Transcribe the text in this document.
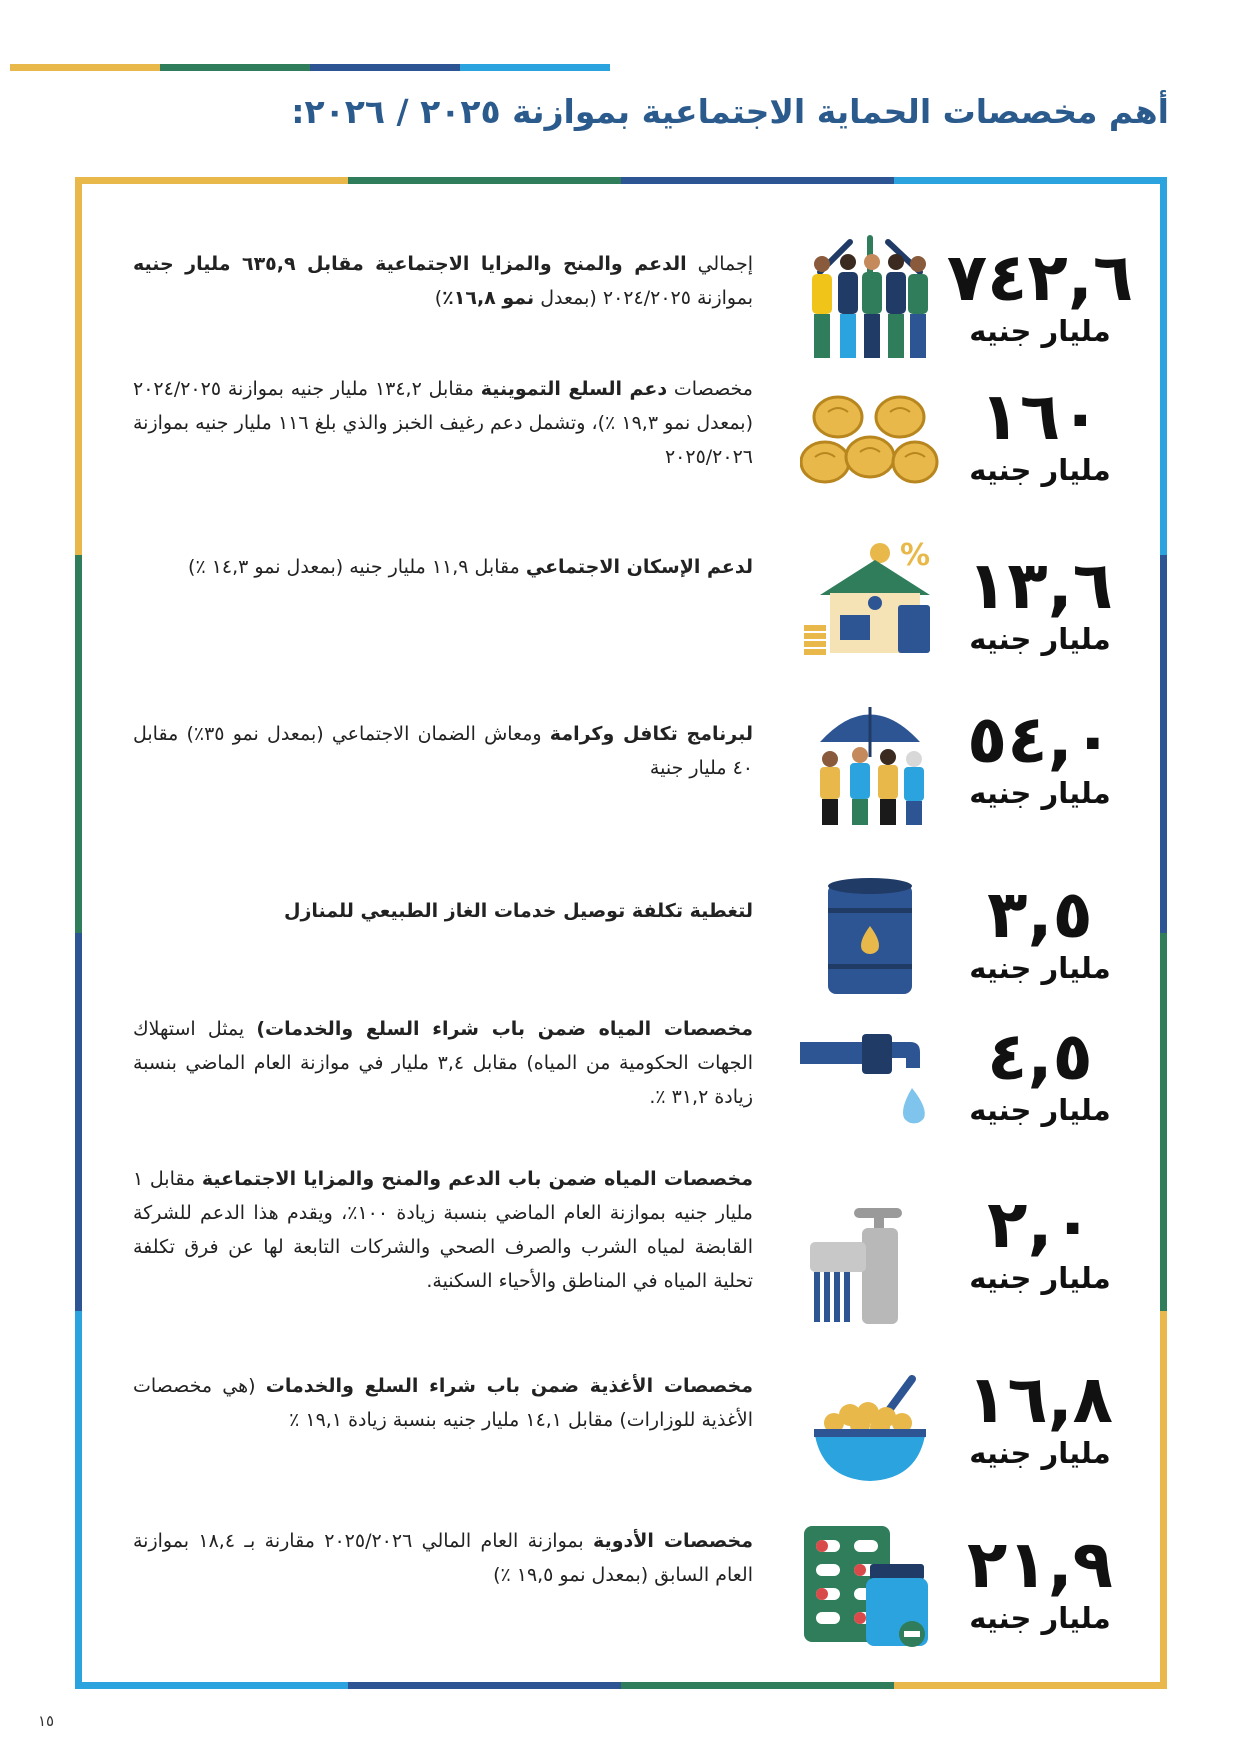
أهم مخصصات الحماية الاجتماعية بموازنة ٢٠٢٥ / ٢٠٢٦:
٧٤٢,٦
مليار جنيه
إجمالي الدعم والمنح والمزايا الاجتماعية مقابل ٦٣٥,٩ مليار جنيه بموازنة ٢٠٢٤/٢٠٢٥ (بمعدل نمو ١٦,٨٪)
١٦٠
مليار جنيه
مخصصات دعم السلع التموينية مقابل ١٣٤,٢ مليار جنيه بموازنة ٢٠٢٤/٢٠٢٥ (بمعدل نمو ١٩,٣ ٪)، وتشمل دعم رغيف الخبز والذي بلغ ١١٦ مليار جنيه بموازنة ٢٠٢٥/٢٠٢٦
١٣,٦
مليار جنيه
%
لدعم الإسكان الاجتماعي مقابل ١١,٩ مليار جنيه (بمعدل نمو ١٤,٣ ٪)
٥٤,٠
مليار جنيه
لبرنامج تكافل وكرامة ومعاش الضمان الاجتماعي (بمعدل نمو ٣٥٪) مقابل ٤٠ مليار جنية
٣,٥
مليار جنيه
لتغطية تكلفة توصيل خدمات الغاز الطبيعي للمنازل
٤,٥
مليار جنيه
مخصصات المياه ضمن باب شراء السلع والخدمات) يمثل استهلاك الجهات الحكومية من المياه) مقابل ٣,٤ مليار في موازنة العام الماضي بنسبة زيادة ٣١,٢ ٪.
٢,٠
مليار جنيه
مخصصات المياه ضمن باب الدعم والمنح والمزايا الاجتماعية مقابل ١ مليار جنيه بموازنة العام الماضي بنسبة زيادة ١٠٠٪، ويقدم هذا الدعم للشركة القابضة لمياه الشرب والصرف الصحي والشركات التابعة لها عن فرق تكلفة تحلية المياه في المناطق والأحياء السكنية.
١٦,٨
مليار جنيه
مخصصات الأغذية ضمن باب شراء السلع والخدمات (هي مخصصات الأغذية للوزارات) مقابل ١٤,١ مليار جنيه بنسبة زيادة ١٩,١ ٪
٢١,٩
مليار جنيه
مخصصات الأدوية بموازنة العام المالي ٢٠٢٥/٢٠٢٦ مقارنة بـ ١٨,٤ بموازنة العام السابق (بمعدل نمو ١٩,٥ ٪)
١٥
